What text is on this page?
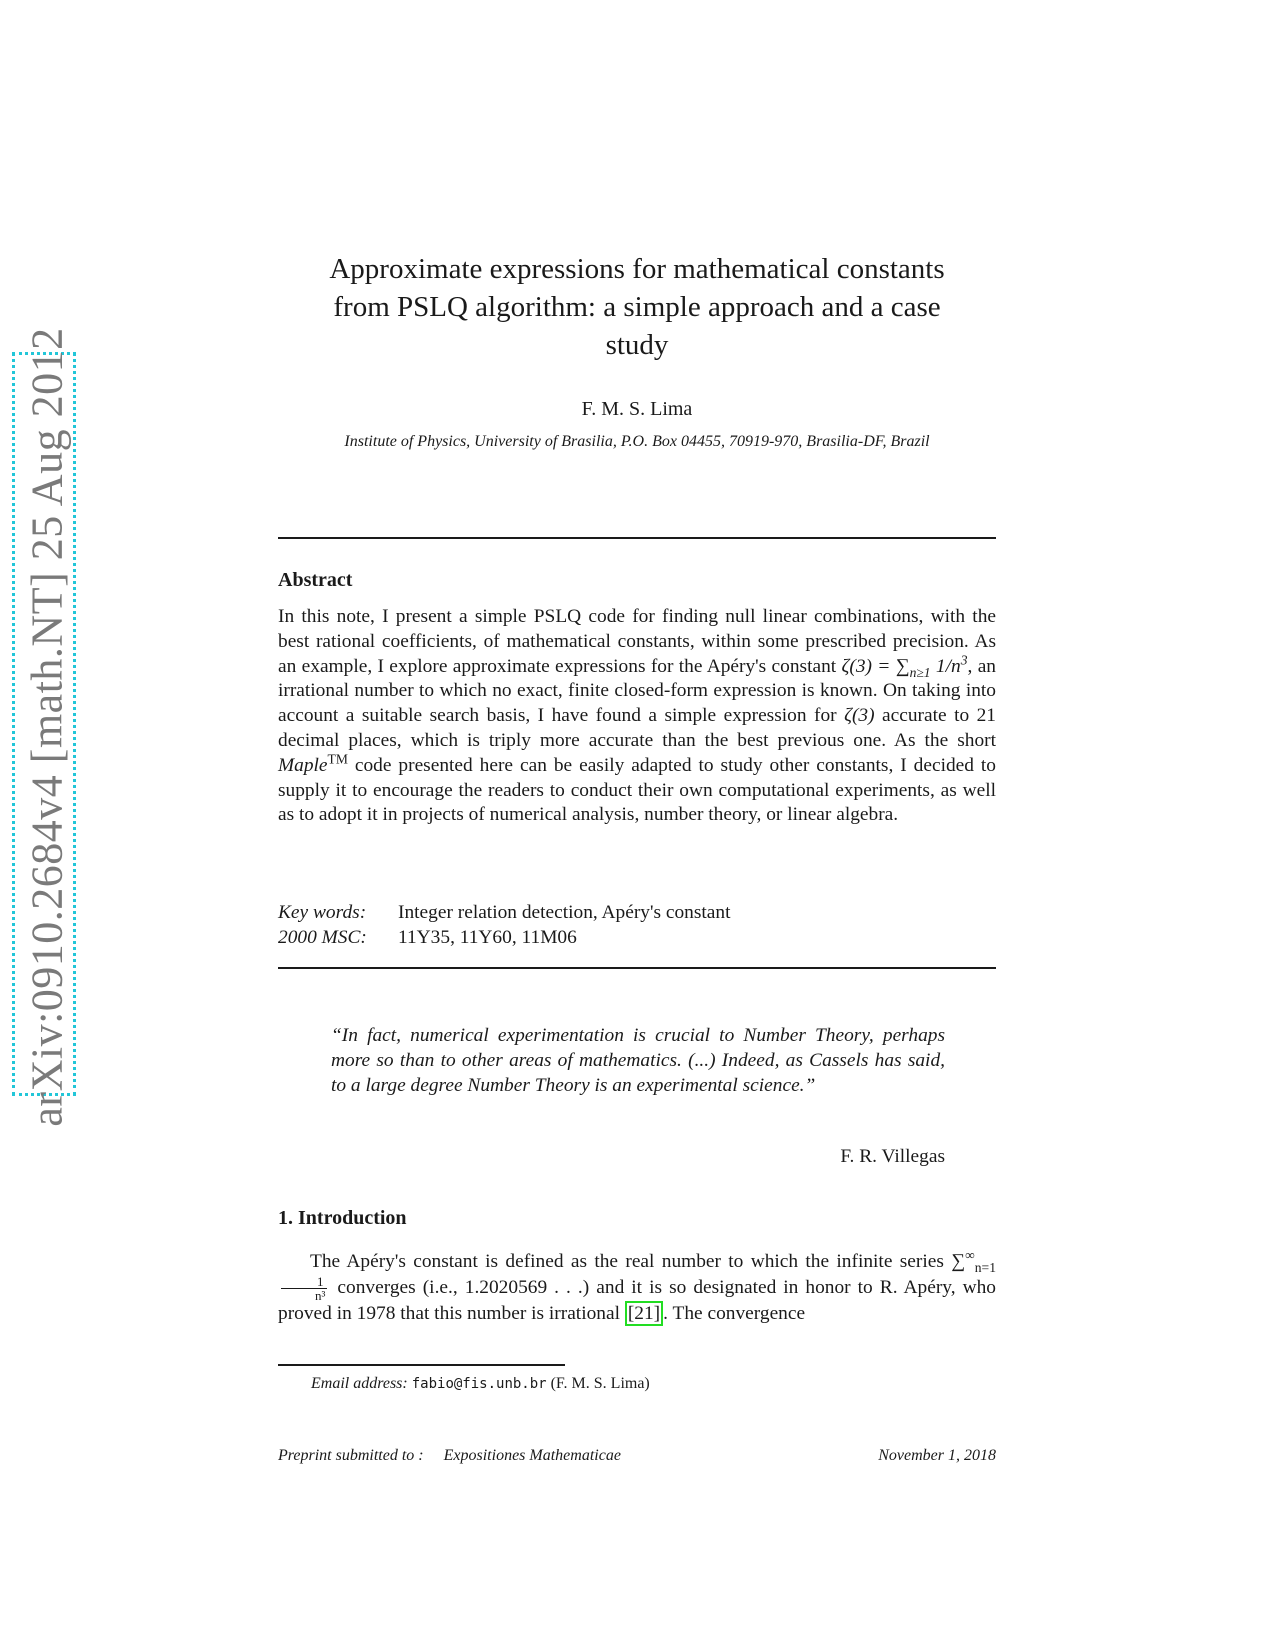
arXiv:0910.2684v4 [math.NT] 25 Aug 2012
Approximate expressions for mathematical constants
from PSLQ algorithm: a simple approach and a case
study
F. M. S. Lima
Institute of Physics, University of Brasilia, P.O. Box 04455, 70919-970, Brasilia-DF, Brazil
Abstract

In this note, I present a simple PSLQ code for finding null linear combinations, with the best rational coefficients, of mathematical constants, within some prescribed precision. As an example, I explore approximate expressions for the Apéry's constant $\zeta(3) = \sum_{n\ge 1}$ $1/n^3$, an irrational number to which no exact, finite closed-form expression is known. On taking into account a suitable search basis, I have found a simple expression for ζ(3) accurate to 21 decimal places, which is triply more accurate than the best previous one. As the short Maple™ code presented here can be easily adapted to study other constants, I decided to supply it to encourage the readers to conduct their own computational experiments, as well as to adopt it in projects of numerical analysis, number theory, or linear algebra.

Key words: Integer relation detection, Apéry's constant
2000 MSC: 11Y35, 11Y60, 11M06

“In fact, numerical experimentation is crucial to Number Theory, perhaps more so than to other areas of mathematics. (...) Indeed, as Cassels has said, to a large degree Number Theory is an experimental science.”

F. R. Villegas
1. Introduction

The Apéry's constant is defined as the real number to which the infinite series $\sum^\infty_{n=1}$
$\frac{1}{\text{n³}}$ converges (i.e., 1.2020569 . . .) and it is so designated in honor to R. Apéry, who proved in 1978 that this number is irrational [21] . The convergence

Email address: fabio@fis.unb.br (F. M. S. Lima)
Preprint submitted to : Expositiones Mathematicae	November 1, 2018
